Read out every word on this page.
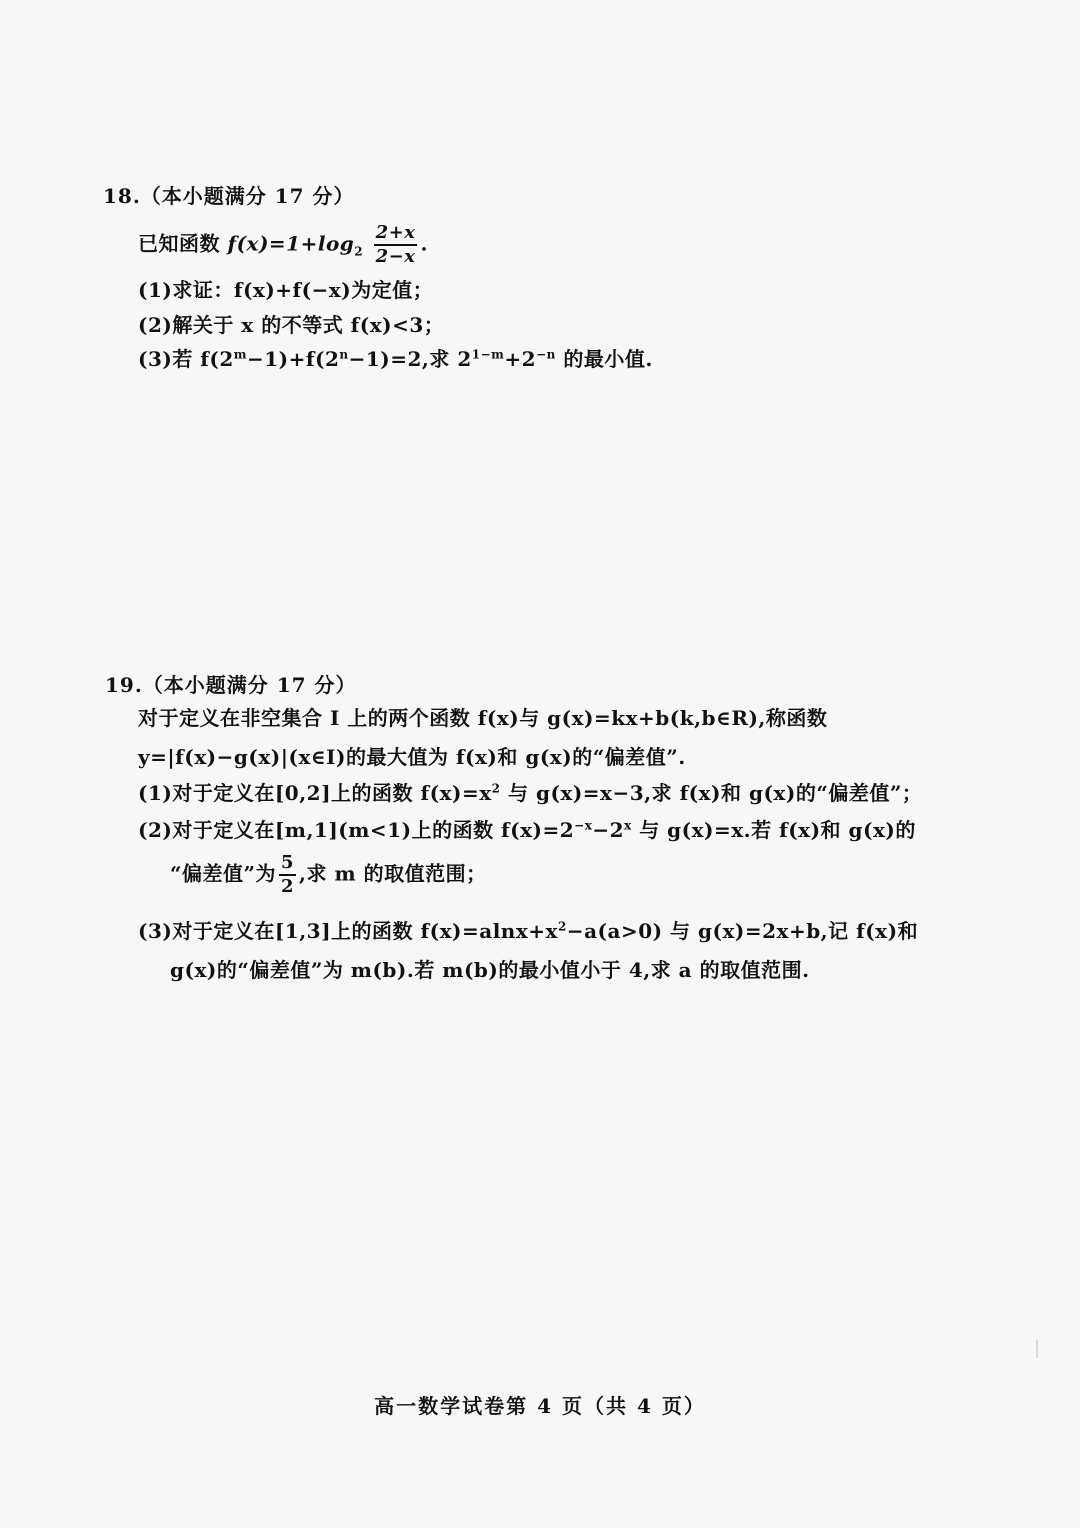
18.（本小题满分 17 分）
已知函数 $f(x)=1+\log_2 \frac{2+x}{2-x}$ .
(1)求证：f(x)+f(−x)为定值；
(2)解关于 x 的不等式 f(x)<3；
(3)若 $f(2^m-1)+f(2^n-1)=2$,求 $2^{1-m}+2^{-n}$ 的最小值.
19.（本小题满分 17 分）
对于定义在非空集合 I 上的两个函数 f(x)与 g(x)=kx+b(k,b∈R),称函数
y=|f(x)−g(x)|(x∈I)的最大值为 f(x)和 g(x)的“偏差值”.
(1)对于定义在[0,2]上的函数 $f(x)=x^2$ 与 g(x)=x−3,求 f(x)和 g(x)的“偏差值”；
(2)对于定义在[m,1](m<1)上的函数 $f(x)=2^{-x}-2^x$ 与 g(x)=x.若 f(x)和 g(x)的
“偏差值”为 $\frac{5}{2}$ ,求 m 的取值范围；
(3)对于定义在[1,3]上的函数 $f(x)=alnx+x^2-a(a>0)$ 与 g(x)=2x+b,记 f(x)和
g(x)的“偏差值”为 m(b).若 m(b)的最小值小于 4,求 a 的取值范围.
高一数学试卷第 4 页（共 4 页）
